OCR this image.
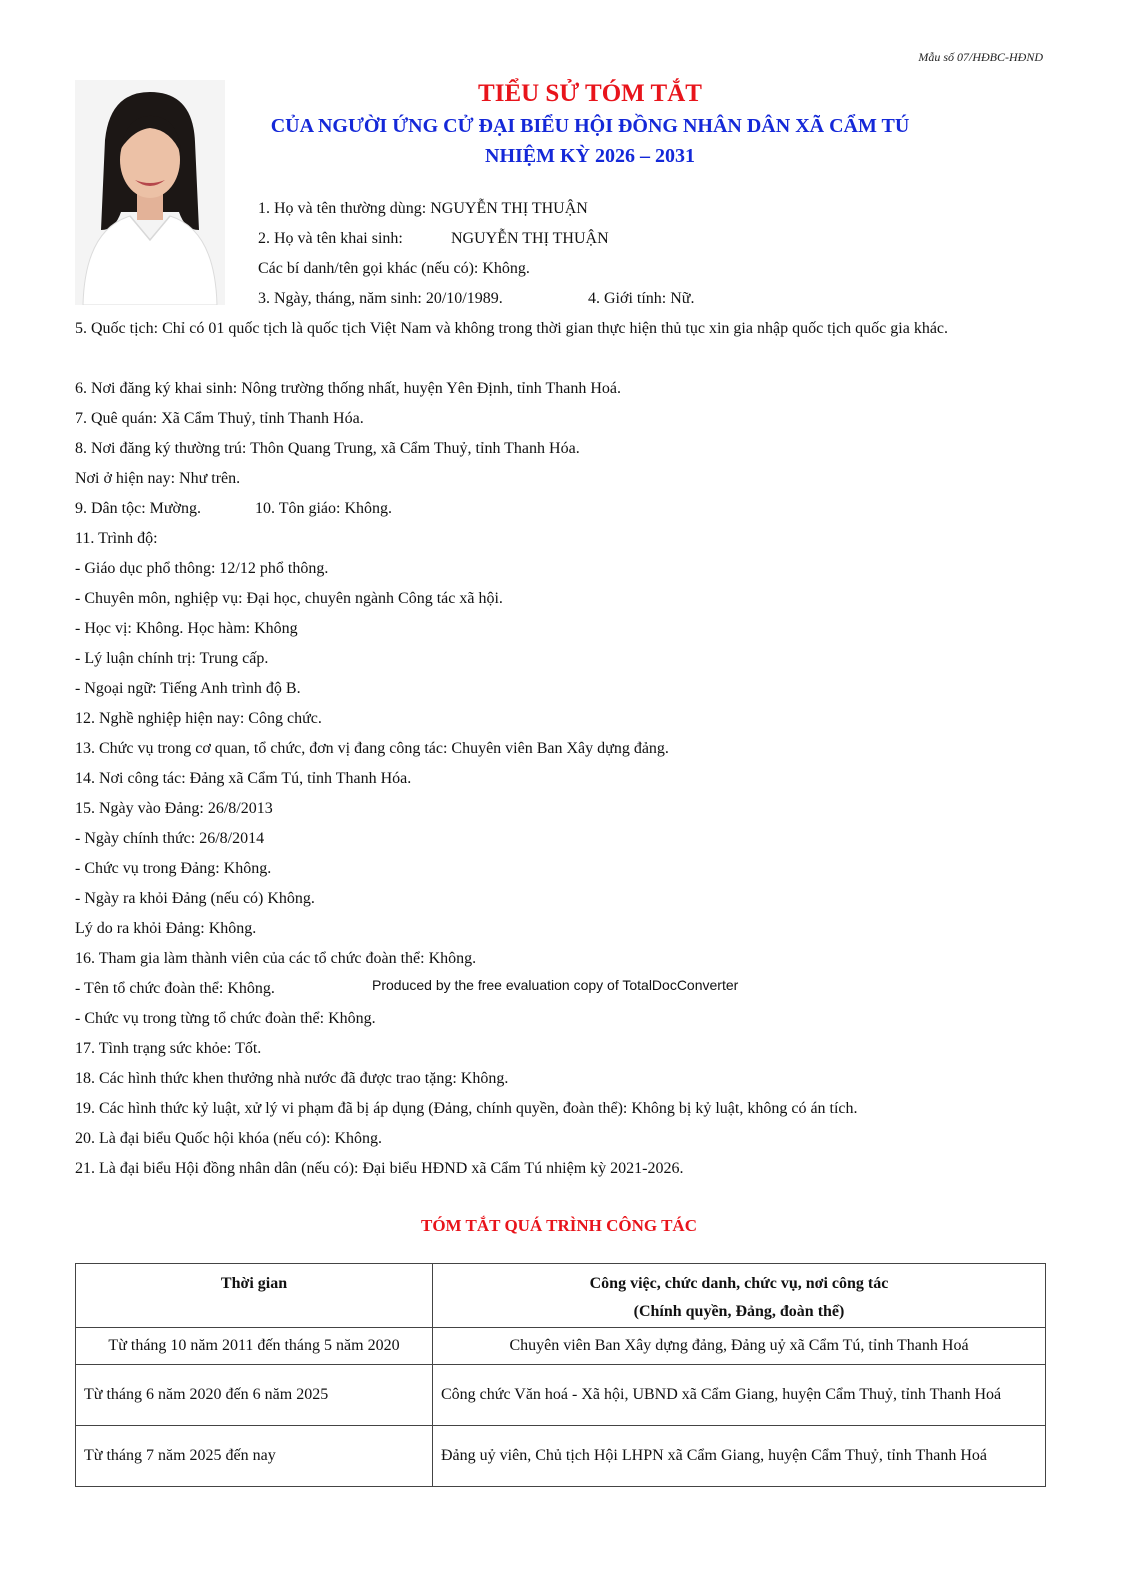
Mẫu số 07/HĐBC-HĐND
TIỂU SỬ TÓM TẮT
CỦA NGƯỜI ỨNG CỬ ĐẠI BIỂU HỘI ĐỒNG NHÂN DÂN XÃ CẨM TÚ
NHIỆM KỲ 2026 – 2031
1. Họ và tên thường dùng: NGUYỄN THỊ THUẬN
2. Họ và tên khai sinh:	NGUYỄN THỊ THUẬN
Các bí danh/tên gọi khác (nếu có): Không.
3. Ngày, tháng, năm sinh: 20/10/1989.	4. Giới tính: Nữ.
5. Quốc tịch: Chỉ có 01 quốc tịch là quốc tịch Việt Nam và không trong thời gian thực hiện thủ tục xin gia nhập quốc tịch quốc gia khác.
6. Nơi đăng ký khai sinh: Nông trường thống nhất, huyện Yên Định, tỉnh Thanh Hoá.
7. Quê quán: Xã Cẩm Thuỷ, tỉnh Thanh Hóa.
8. Nơi đăng ký thường trú: Thôn Quang Trung, xã Cẩm Thuỷ, tỉnh Thanh Hóa.
Nơi ở hiện nay: Như trên.
9. Dân tộc: Mường.	10. Tôn giáo: Không.
11. Trình độ:
- Giáo dục phổ thông: 12/12 phổ thông.
- Chuyên môn, nghiệp vụ: Đại học, chuyên ngành Công tác xã hội.
- Học vị: Không. Học hàm: Không
- Lý luận chính trị: Trung cấp.
- Ngoại ngữ: Tiếng Anh trình độ B.
12. Nghề nghiệp hiện nay: Công chức.
13. Chức vụ trong cơ quan, tổ chức, đơn vị đang công tác: Chuyên viên Ban Xây dựng đảng.
14. Nơi công tác: Đảng xã Cẩm Tú, tỉnh Thanh Hóa.
15. Ngày vào Đảng: 26/8/2013
- Ngày chính thức: 26/8/2014
- Chức vụ trong Đảng: Không.
- Ngày ra khỏi Đảng (nếu có) Không.
Lý do ra khỏi Đảng: Không.
16. Tham gia làm thành viên của các tổ chức đoàn thể: Không.
- Tên tổ chức đoàn thể: Không.	Produced by the free evaluation copy of TotalDocConverter
- Chức vụ trong từng tổ chức đoàn thể: Không.
17. Tình trạng sức khỏe: Tốt.
18. Các hình thức khen thưởng nhà nước đã được trao tặng: Không.
19. Các hình thức kỷ luật, xử lý vi phạm đã bị áp dụng (Đảng, chính quyền, đoàn thể): Không bị kỷ luật, không có án tích.
20. Là đại biểu Quốc hội khóa (nếu có): Không.
21. Là đại biểu Hội đồng nhân dân (nếu có): Đại biểu HĐND xã Cẩm Tú nhiệm kỳ 2021-2026.
TÓM TẮT QUÁ TRÌNH CÔNG TÁC
Thời gian	Công việc, chức danh, chức vụ, nơi công tác
(Chính quyền, Đảng, đoàn thể)

Từ tháng 10 năm 2011 đến tháng 5 năm 2020	Chuyên viên Ban Xây dựng đảng, Đảng uỷ xã Cẩm Tú, tỉnh Thanh Hoá
Từ tháng 6 năm 2020 đến 6 năm 2025	Công chức Văn hoá - Xã hội, UBND xã Cẩm Giang, huyện Cẩm Thuỷ, tỉnh Thanh Hoá
Từ tháng 7 năm 2025 đến nay	Đảng uỷ viên, Chủ tịch Hội LHPN xã Cẩm Giang, huyện Cẩm Thuỷ, tỉnh Thanh Hoá
